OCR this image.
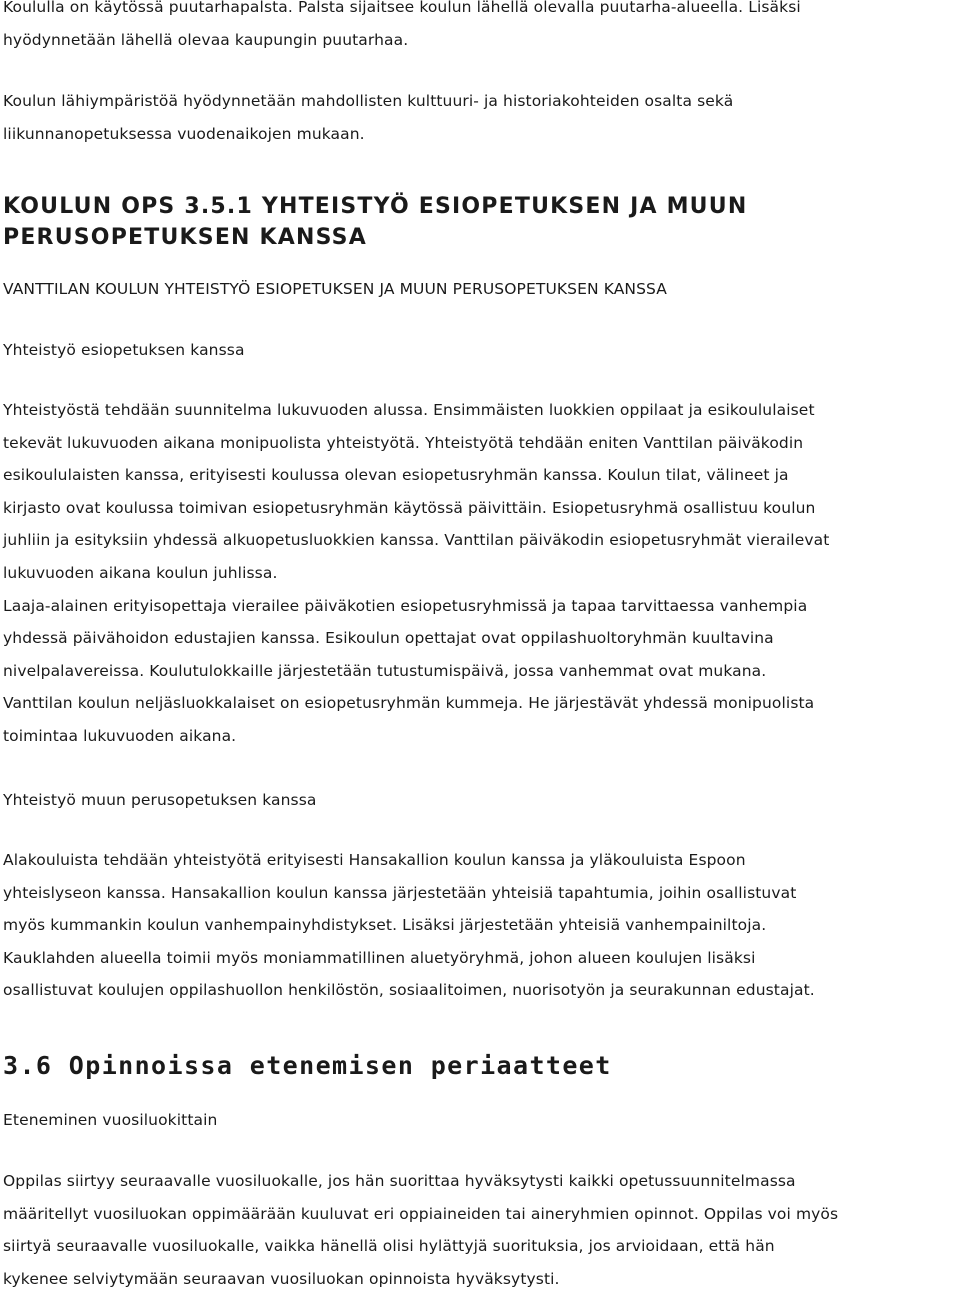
Koululla on käytössä puutarhapalsta. Palsta sijaitsee koulun lähellä olevalla puutarha-alueella. Lisäksi
hyödynnetään lähellä olevaa kaupungin puutarhaa.

Koulun lähiympäristöä hyödynnetään mahdollisten kulttuuri- ja historiakohteiden osalta sekä
liikunnanopetuksessa vuodenaikojen mukaan.

KOULUN OPS 3.5.1 YHTEISTYÖ ESIOPETUKSEN JA MUUN
PERUSOPETUKSEN KANSSA

VANTTILAN KOULUN YHTEISTYÖ ESIOPETUKSEN JA MUUN PERUSOPETUKSEN KANSSA

Yhteistyö esiopetuksen kanssa

Yhteistyöstä tehdään suunnitelma lukuvuoden alussa. Ensimmäisten luokkien oppilaat ja esikoululaiset
tekevät lukuvuoden aikana monipuolista yhteistyötä. Yhteistyötä tehdään eniten Vanttilan päiväkodin
esikoululaisten kanssa, erityisesti koulussa olevan esiopetusryhmän kanssa. Koulun tilat, välineet ja
kirjasto ovat koulussa toimivan esiopetusryhmän käytössä päivittäin. Esiopetusryhmä osallistuu koulun
juhliin ja esityksiin yhdessä alkuopetusluokkien kanssa. Vanttilan päiväkodin esiopetusryhmät vierailevat
lukuvuoden aikana koulun juhlissa.
Laaja-alainen erityisopettaja vierailee päiväkotien esiopetusryhmissä ja tapaa tarvittaessa vanhempia
yhdessä päivähoidon edustajien kanssa. Esikoulun opettajat ovat oppilashuoltoryhmän kuultavina
nivelpalavereissa. Koulutulokkaille järjestetään tutustumispäivä, jossa vanhemmat ovat mukana.
Vanttilan koulun neljäsluokkalaiset on esiopetusryhmän kummeja. He järjestävät yhdessä monipuolista
toimintaa lukuvuoden aikana.

Yhteistyö muun perusopetuksen kanssa

Alakouluista tehdään yhteistyötä erityisesti Hansakallion koulun kanssa ja yläkouluista Espoon
yhteislyseon kanssa. Hansakallion koulun kanssa järjestetään yhteisiä tapahtumia, joihin osallistuvat
myös kummankin koulun vanhempainyhdistykset. Lisäksi järjestetään yhteisiä vanhempainiltoja.
Kauklahden alueella toimii myös moniammatillinen aluetyöryhmä, johon alueen koulujen lisäksi
osallistuvat koulujen oppilashuollon henkilöstön, sosiaalitoimen, nuorisotyön ja seurakunnan edustajat.

3.6 Opinnoissa etenemisen periaatteet

Eteneminen vuosiluokittain

Oppilas siirtyy seuraavalle vuosiluokalle, jos hän suorittaa hyväksytysti kaikki opetussuunnitelmassa
määritellyt vuosiluokan oppimäärään kuuluvat eri oppiaineiden tai aineryhmien opinnot. Oppilas voi myös
siirtyä seuraavalle vuosiluokalle, vaikka hänellä olisi hylättyjä suorituksia, jos arvioidaan, että hän
kykenee selviytymään seuraavan vuosiluokan opinnoista hyväksytysti.
